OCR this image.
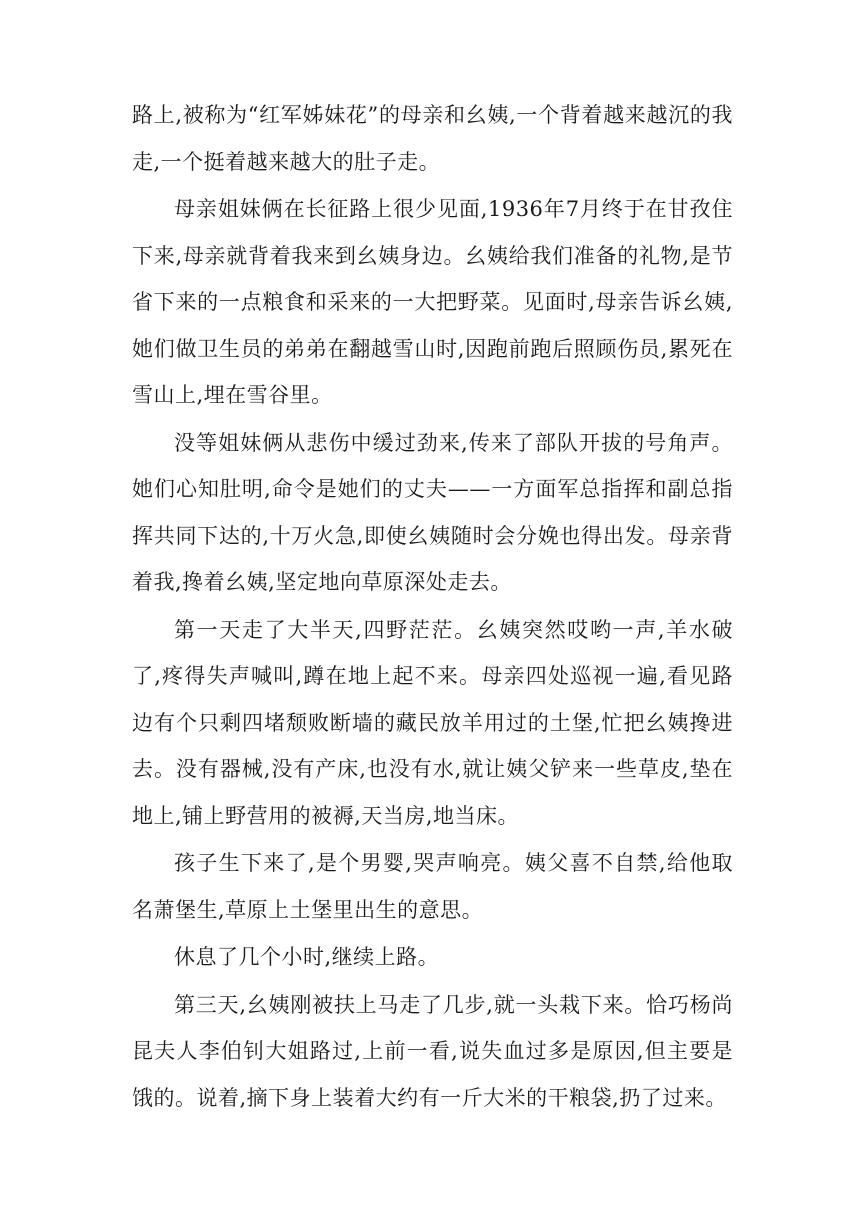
路上,被称为“红军姊妹花”的母亲和幺姨,一个背着越来越沉的我走,一个挺着越来越大的肚子走。

母亲姐妹俩在长征路上很少见面,1936年7月终于在甘孜住下来,母亲就背着我来到幺姨身边。幺姨给我们准备的礼物,是节省下来的一点粮食和采来的一大把野菜。见面时,母亲告诉幺姨,她们做卫生员的弟弟在翻越雪山时,因跑前跑后照顾伤员,累死在雪山上,埋在雪谷里。

没等姐妹俩从悲伤中缓过劲来,传来了部队开拔的号角声。她们心知肚明,命令是她们的丈夫——一方面军总指挥和副总指挥共同下达的,十万火急,即使幺姨随时会分娩也得出发。母亲背着我,搀着幺姨,坚定地向草原深处走去。

第一天走了大半天,四野茫茫。幺姨突然哎哟一声,羊水破了,疼得失声喊叫,蹲在地上起不来。母亲四处巡视一遍,看见路边有个只剩四堵颓败断墙的藏民放羊用过的土堡,忙把幺姨搀进去。没有器械,没有产床,也没有水,就让姨父铲来一些草皮,垫在地上,铺上野营用的被褥,天当房,地当床。

孩子生下来了,是个男婴,哭声响亮。姨父喜不自禁,给他取名萧堡生,草原上土堡里出生的意思。

休息了几个小时,继续上路。

第三天,幺姨刚被扶上马走了几步,就一头栽下来。恰巧杨尚昆夫人李伯钊大姐路过,上前一看,说失血过多是原因,但主要是饿的。说着,摘下身上装着大约有一斤大米的干粮袋,扔了过来。
